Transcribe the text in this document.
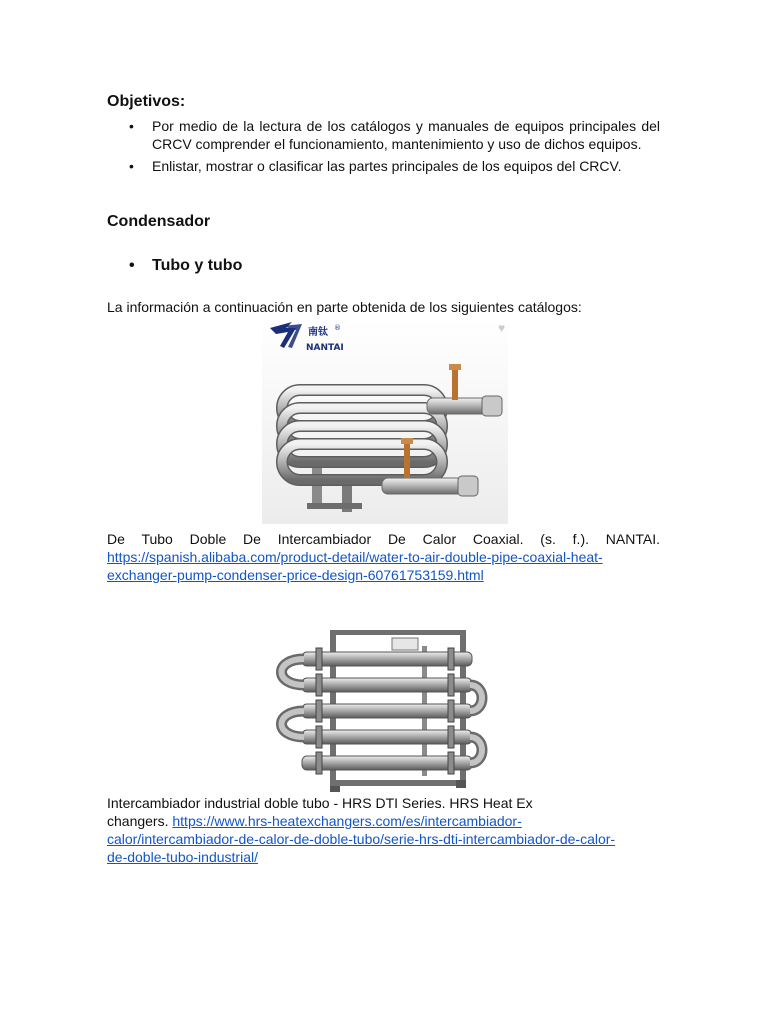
Objetivos:
• Por medio de la lectura de los catálogos y manuales de equipos principales del CRCV comprender el funcionamiento, mantenimiento y uso de dichos equipos.
• Enlistar, mostrar o clasificar las partes principales de los equipos del CRCV.
Condensador
• Tubo y tubo
La información a continuación en parte obtenida de los siguientes catálogos:
南钛 ®
NANTAI
♥
De Tubo Doble De Intercambiador De Calor Coaxial. (s. f.). NANTAI.
https://spanish.alibaba.com/product-detail/water-to-air-double-pipe-coaxial-heat-
exchanger-pump-condenser-price-design-60761753159.html
Intercambiador industrial doble tubo - HRS DTI Series. HRS Heat Ex
changers. https://www.hrs-heatexchangers.com/es/intercambiador-
calor/intercambiador-de-calor-de-doble-tubo/serie-hrs-dti-intercambiador-de-calor-
de-doble-tubo-industrial/
